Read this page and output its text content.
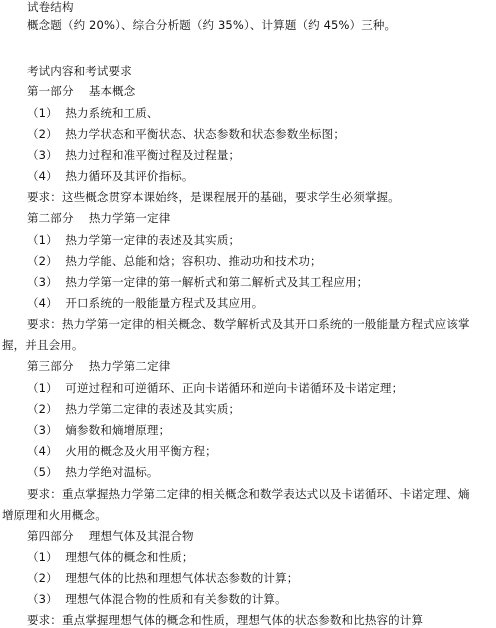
试卷结构
概念题（约 20%）、综合分析题（约 35%）、计算题（约 45%）三种。
考试内容和考试要求
第一部分    基本概念
（1）  热力系统和工质、
（2）  热力学状态和平衡状态、状态参数和状态参数坐标图；
（3）  热力过程和准平衡过程及过程量；
（4）  热力循环及其评价指标。
要求：这些概念贯穿本课始终，是课程展开的基础，要求学生必须掌握。
第二部分    热力学第一定律
（1）  热力学第一定律的表述及其实质；
（2）  热力学能、总能和焓；容积功、推动功和技术功；
（3）  热力学第一定律的第一解析式和第二解析式及其工程应用；
（4）  开口系统的一般能量方程式及其应用。
要求：热力学第一定律的相关概念、数学解析式及其开口系统的一般能量方程式应该掌
握，并且会用。
第三部分    热力学第二定律
（1）  可逆过程和可逆循环、正向卡诺循环和逆向卡诺循环及卡诺定理；
（2）  热力学第二定律的表述及其实质；
（3）  熵参数和熵增原理；
（4）  火用的概念及火用平衡方程；
（5）  热力学绝对温标。
要求：重点掌握热力学第二定律的相关概念和数学表达式以及卡诺循环、卡诺定理、熵
增原理和火用概念。
第四部分    理想气体及其混合物
（1）  理想气体的概念和性质；
（2）  理想气体的比热和理想气体状态参数的计算；
（3）  理想气体混合物的性质和有关参数的计算。
要求：重点掌握理想气体的概念和性质，理想气体的状态参数和比热容的计算
